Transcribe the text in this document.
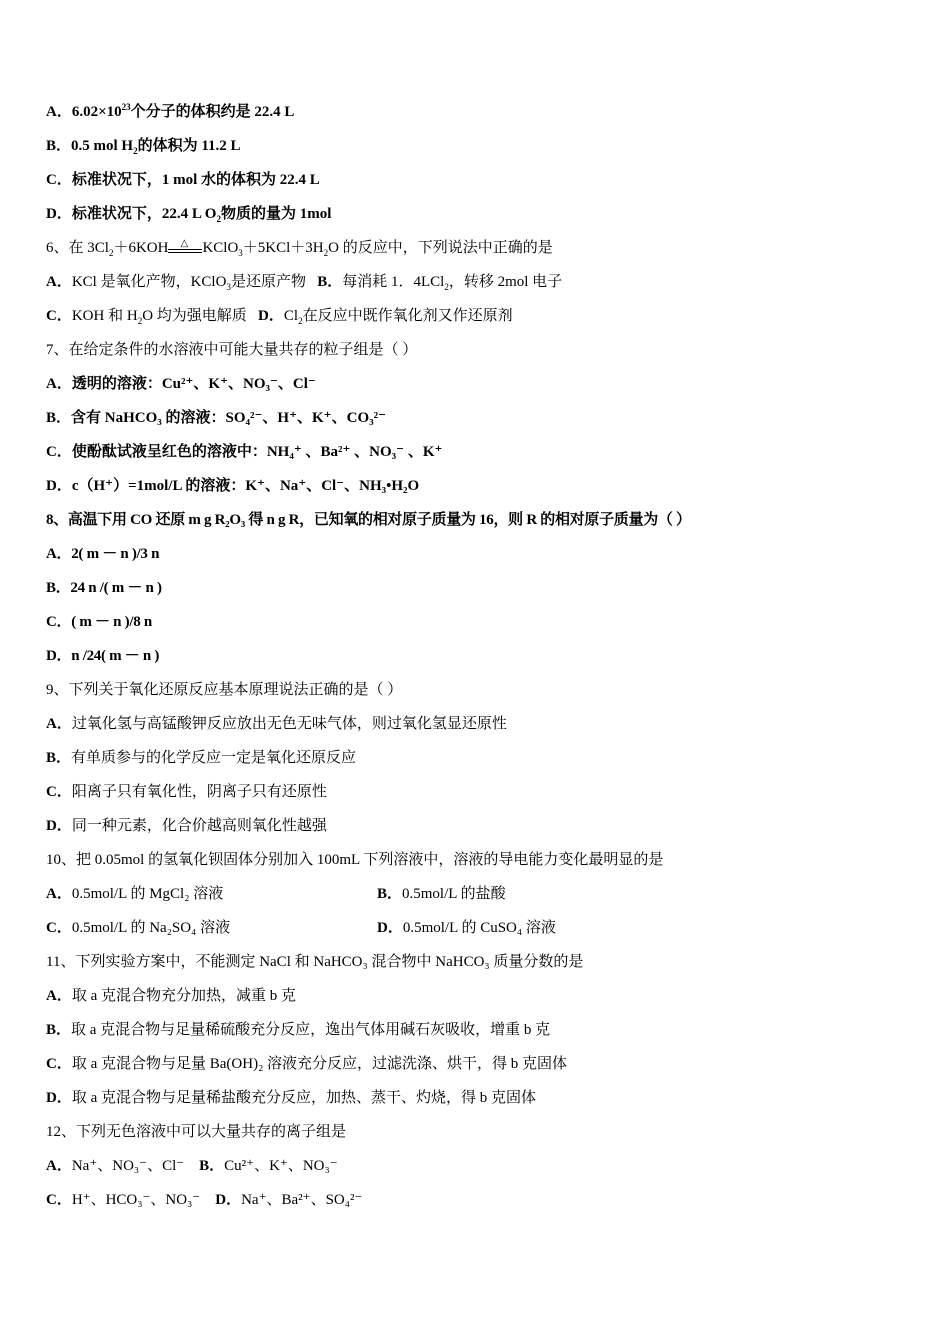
A．$6.02\times 10^{23}$个分子的体积约是 22.4 L
B．0.5 mol $H_2$的体积为 11.2 L
C．标准状况下，1 mol 水的体积为 22.4 L
D．标准状况下，22.4 L $O_2$物质的量为 1mol
6、在 $3Cl_2+6KOH$ △ $KClO_3+5KCl+3H_2O$ 的反应中，下列说法中正确的是
A．KCl 是氧化产物，KClO$_3$是还原产物 B．每消耗 1．4LCl$_2$，转移 2mol 电子
C．KOH 和 $H_2O$ 均为强电解质 D．$Cl_2$在反应中既作氧化剂又作还原剂
7、在给定条件的水溶液中可能大量共存的粒子组是（ ）
A．透明的溶液：Cu²⁺、K⁺、NO₃⁻、Cl⁻
B．含有 NaHCO₃ 的溶液：SO₄²⁻、H⁺、K⁺、CO₃²⁻
C．使酚酞试液呈红色的溶液中：NH₄⁺ 、Ba²⁺ 、NO₃⁻ 、K⁺
D．c（H⁺）=1mol/L 的溶液：K⁺、Na⁺、Cl⁻、NH₃•H₂O
8、高温下用 CO 还原 m g R₂O₃ 得 n g R，已知氧的相对原子质量为 16，则 R 的相对原子质量为（ ）
A．2( m － n )/3 n
B．24 n /( m － n )
C．( m － n )/8 n
D．n /24( m － n )
9、下列关于氧化还原反应基本原理说法正确的是（ ）
A．过氧化氢与高锰酸钾反应放出无色无味气体，则过氧化氢显还原性
B．有单质参与的化学反应一定是氧化还原反应
C．阳离子只有氧化性，阴离子只有还原性
D．同一种元素，化合价越高则氧化性越强
10、把 0.05mol 的氢氧化钡固体分别加入 100mL 下列溶液中，溶液的导电能力变化最明显的是
A．0.5mol/L 的 MgCl₂ 溶液	B．0.5mol/L 的盐酸
C．0.5mol/L 的 Na₂SO₄ 溶液	D．0.5mol/L 的 CuSO₄ 溶液
11、下列实验方案中，不能测定 NaCl 和 NaHCO₃ 混合物中 NaHCO₃ 质量分数的是
A．取 a 克混合物充分加热，减重 b 克
B．取 a 克混合物与足量稀硫酸充分反应，逸出气体用碱石灰吸收，增重 b 克
C．取 a 克混合物与足量 Ba(OH)₂ 溶液充分反应，过滤洗涤、烘干，得 b 克固体
D．取 a 克混合物与足量稀盐酸充分反应，加热、蒸干、灼烧，得 b 克固体
12、下列无色溶液中可以大量共存的离子组是
A．Na⁺、NO₃⁻、Cl⁻ B．Cu²⁺、K⁺、NO₃⁻
C．H⁺、HCO₃⁻、NO₃⁻ D．Na⁺、Ba²⁺、SO₄²⁻
